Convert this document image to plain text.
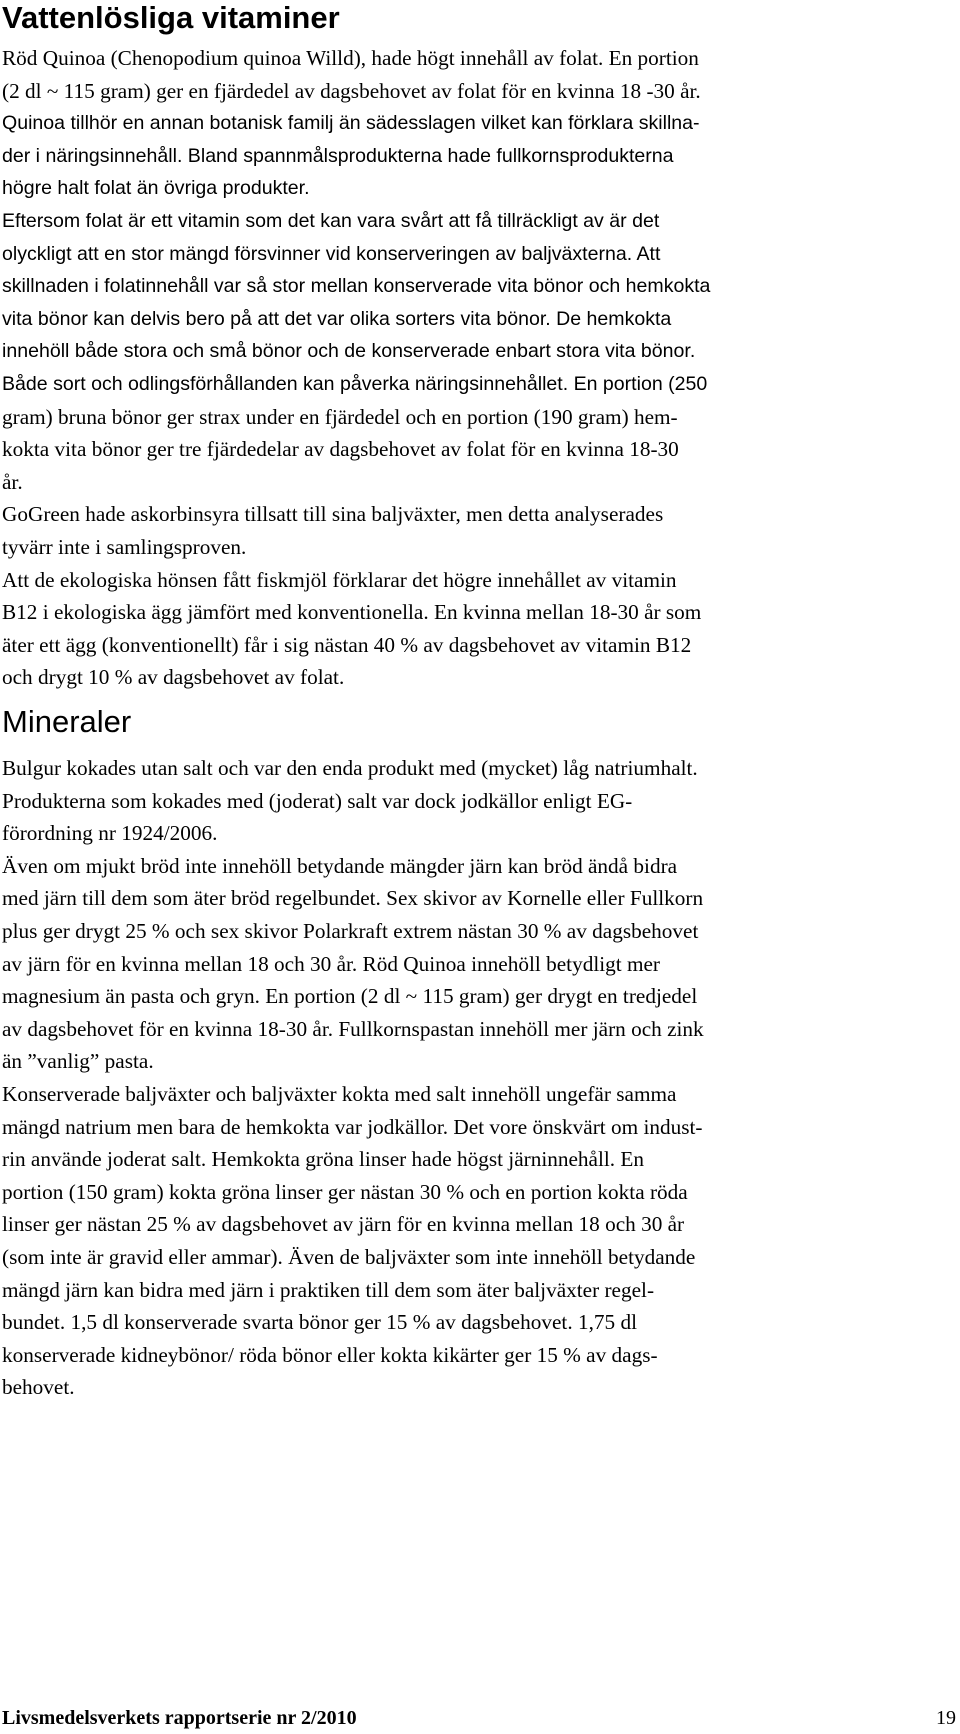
Vattenlösliga vitaminer
Röd Quinoa (Chenopodium quinoa Willd), hade högt innehåll av folat. En portion
(2 dl ~ 115 gram) ger en fjärdedel av dagsbehovet av folat för en kvinna 18 -30 år.
Quinoa tillhör en annan botanisk familj än sädesslagen vilket kan förklara skillna-
der i näringsinnehåll. Bland spannmålsprodukterna hade fullkornsprodukterna
högre halt folat än övriga produkter.
Eftersom folat är ett vitamin som det kan vara svårt att få tillräckligt av är det
olyckligt att en stor mängd försvinner vid konserveringen av baljväxterna. Att
skillnaden i folatinnehåll var så stor mellan konserverade vita bönor och hemkokta
vita bönor kan delvis bero på att det var olika sorters vita bönor. De hemkokta
innehöll både stora och små bönor och de konserverade enbart stora vita bönor.
Både sort och odlingsförhållanden kan påverka näringsinnehållet. En portion (250
gram) bruna bönor ger strax under en fjärdedel och en portion (190 gram) hem-
kokta vita bönor ger tre fjärdedelar av dagsbehovet av folat för en kvinna 18-30
år.
GoGreen hade askorbinsyra tillsatt till sina baljväxter, men detta analyserades
tyvärr inte i samlingsproven.
Att de ekologiska hönsen fått fiskmjöl förklarar det högre innehållet av vitamin
B12 i ekologiska ägg jämfört med konventionella. En kvinna mellan 18-30 år som
äter ett ägg (konventionellt) får i sig nästan 40 % av dagsbehovet av vitamin B12
och drygt 10 % av dagsbehovet av folat.
Mineraler
Bulgur kokades utan salt och var den enda produkt med (mycket) låg natriumhalt.
Produkterna som kokades med (joderat) salt var dock jodkällor enligt EG-
förordning nr 1924/2006.
Även om mjukt bröd inte innehöll betydande mängder järn kan bröd ändå bidra
med järn till dem som äter bröd regelbundet. Sex skivor av Kornelle eller Fullkorn
plus ger drygt 25 % och sex skivor Polarkraft extrem nästan 30 % av dagsbehovet
av järn för en kvinna mellan 18 och 30 år. Röd Quinoa innehöll betydligt mer
magnesium än pasta och gryn. En portion (2 dl ~ 115 gram) ger drygt en tredjedel
av dagsbehovet för en kvinna 18-30 år. Fullkornspastan innehöll mer järn och zink
än ”vanlig” pasta.
Konserverade baljväxter och baljväxter kokta med salt innehöll ungefär samma
mängd natrium men bara de hemkokta var jodkällor. Det vore önskvärt om indust-
rin använde joderat salt. Hemkokta gröna linser hade högst järninnehåll. En
portion (150 gram) kokta gröna linser ger nästan 30 % och en portion kokta röda
linser ger nästan 25 % av dagsbehovet av järn för en kvinna mellan 18 och 30 år
(som inte är gravid eller ammar). Även de baljväxter som inte innehöll betydande
mängd järn kan bidra med järn i praktiken till dem som äter baljväxter regel-
bundet. 1,5 dl konserverade svarta bönor ger 15 % av dagsbehovet. 1,75 dl
konserverade kidneybönor/ röda bönor eller kokta kikärter ger 15 % av dags-
behovet.
Livsmedelsverkets rapportserie nr 2/2010	19
